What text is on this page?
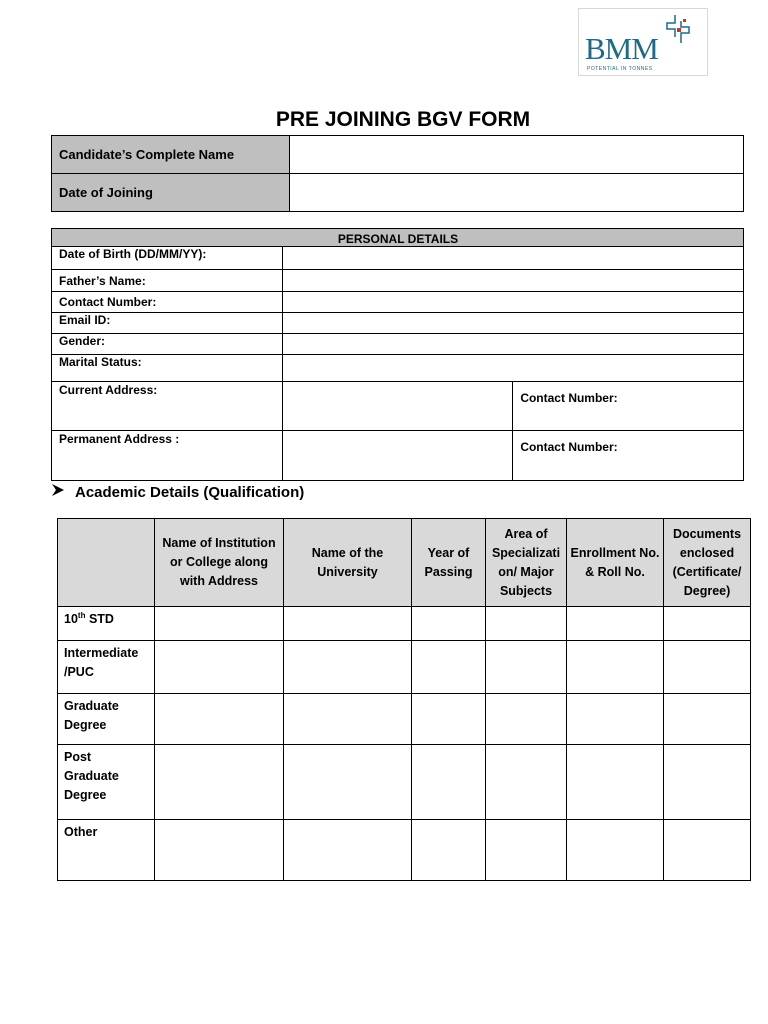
BMM
POTENTIAL IN TONNES
PRE JOINING BGV FORM
Candidate’s Complete Name	
Date of Joining	
PERSONAL DETAILS		
Date of Birth (DD/MM/YY):		
Father’s Name:		
Contact Number:		
Email ID:		
Gender:		
Marital Status:		
Current Address:		Contact Number:
Permanent Address :		Contact Number:
Academic Details (Qualification)
	Name of Institution or College along with Address	Name of the University	Year of Passing	Area of Specializati on/ Major Subjects	Enrollment No. & Roll No.	Documents enclosed (Certificate/ Degree)
10th STD						
Intermediate /PUC						
Graduate Degree						
Post Graduate Degree						
Other						
